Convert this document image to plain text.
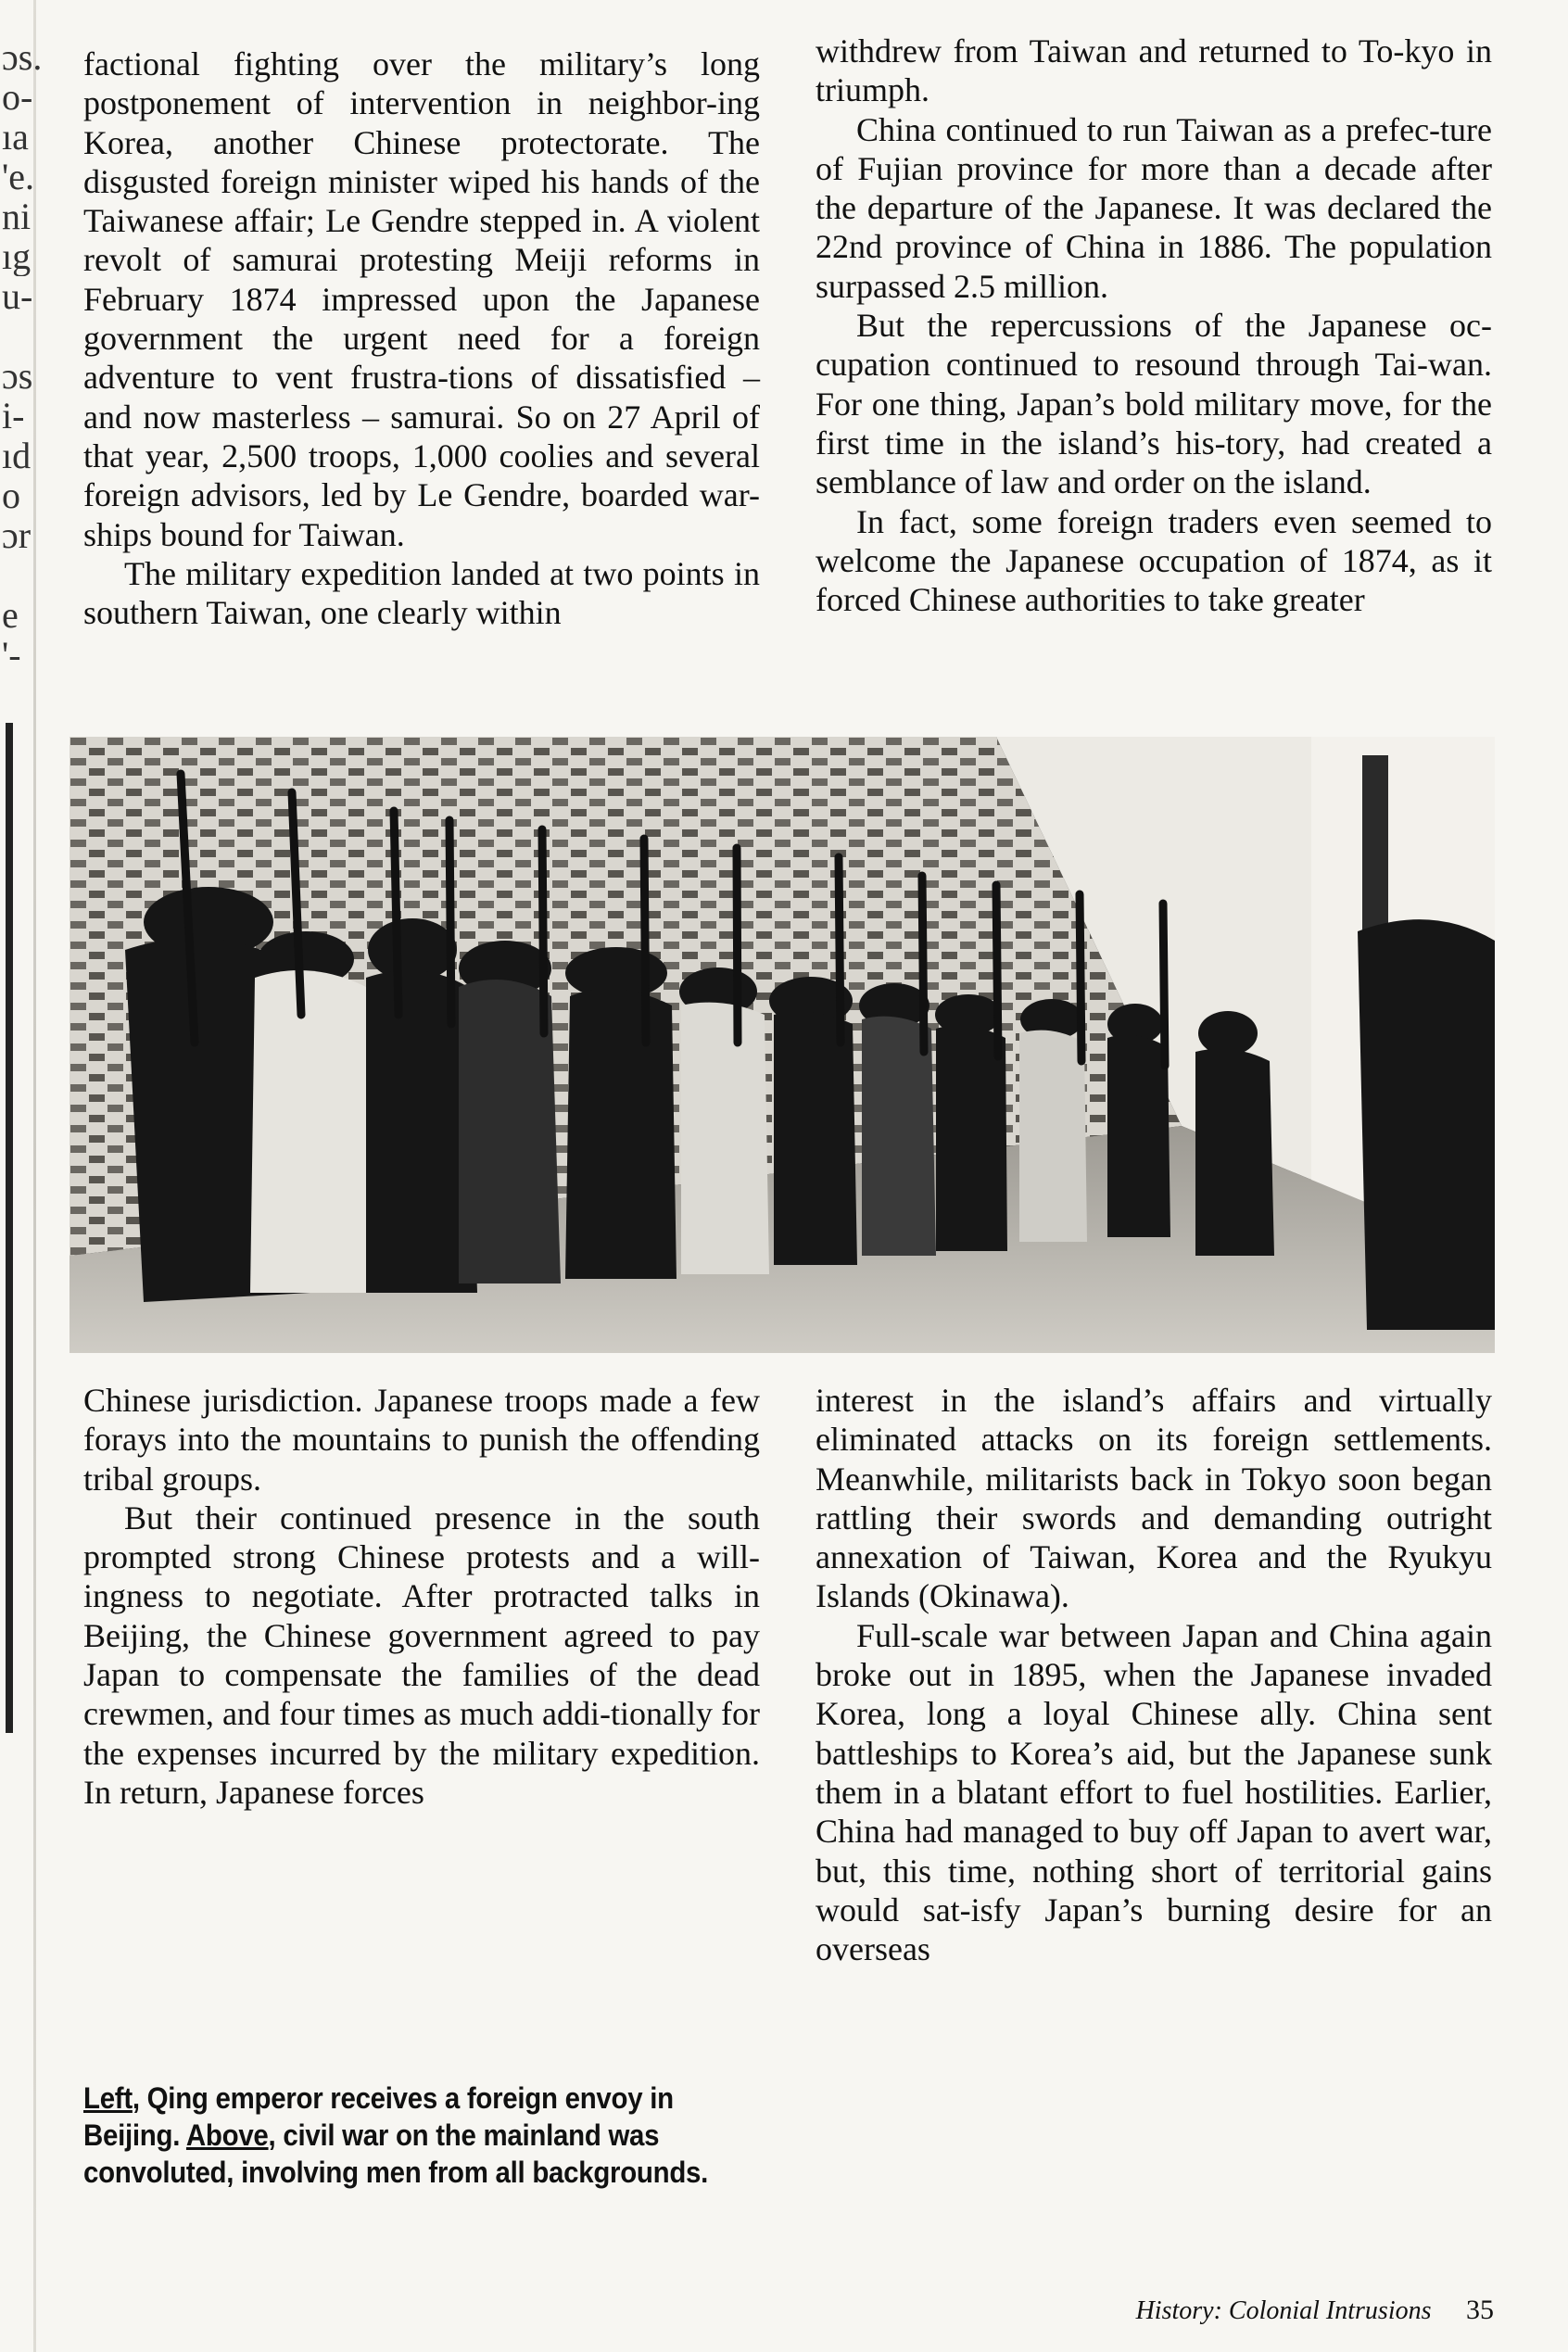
ɔs.
o-
ıa
'e.
ni
ıg
u-
ɔs
i-
ıd
o
ɔr
e
'-

factional fighting over the military’s long postponement of intervention in neighbor-ing Korea, another Chinese protectorate. The disgusted foreign minister wiped his hands of the Taiwanese affair; Le Gendre stepped in. A violent revolt of samurai protesting Meiji reforms in February 1874 impressed upon the Japanese government the urgent need for a foreign adventure to vent frustra-tions of dissatisfied – and now masterless – samurai. So on 27 April of that year, 2,500 troops, 1,000 coolies and several foreign advisors, led by Le Gendre, boarded war-ships bound for Taiwan.

The military expedition landed at two points in southern Taiwan, one clearly within

withdrew from Taiwan and returned to To-kyo in triumph.

China continued to run Taiwan as a prefec-ture of Fujian province for more than a decade after the departure of the Japanese. It was declared the 22nd province of China in 1886. The population surpassed 2.5 million.

But the repercussions of the Japanese oc-cupation continued to resound through Tai-wan. For one thing, Japan’s bold military move, for the first time in the island’s his-tory, had created a semblance of law and order on the island.

In fact, some foreign traders even seemed to welcome the Japanese occupation of 1874, as it forced Chinese authorities to take greater

Chinese jurisdiction. Japanese troops made a few forays into the mountains to punish the offending tribal groups.

But their continued presence in the south prompted strong Chinese protests and a will-ingness to negotiate. After protracted talks in Beijing, the Chinese government agreed to pay Japan to compensate the families of the dead crewmen, and four times as much addi-tionally for the expenses incurred by the military expedition. In return, Japanese forces

interest in the island’s affairs and virtually eliminated attacks on its foreign settlements. Meanwhile, militarists back in Tokyo soon began rattling their swords and demanding outright annexation of Taiwan, Korea and the Ryukyu Islands (Okinawa).

Full-scale war between Japan and China again broke out in 1895, when the Japanese invaded Korea, long a loyal Chinese ally. China sent battleships to Korea’s aid, but the Japanese sunk them in a blatant effort to fuel hostilities. Earlier, China had managed to buy off Japan to avert war, but, this time, nothing short of territorial gains would sat-isfy Japan’s burning desire for an overseas

Left, Qing emperor receives a foreign envoy in Beijing. Above, civil war on the mainland was convoluted, involving men from all backgrounds.
History: Colonial Intrusions 35
